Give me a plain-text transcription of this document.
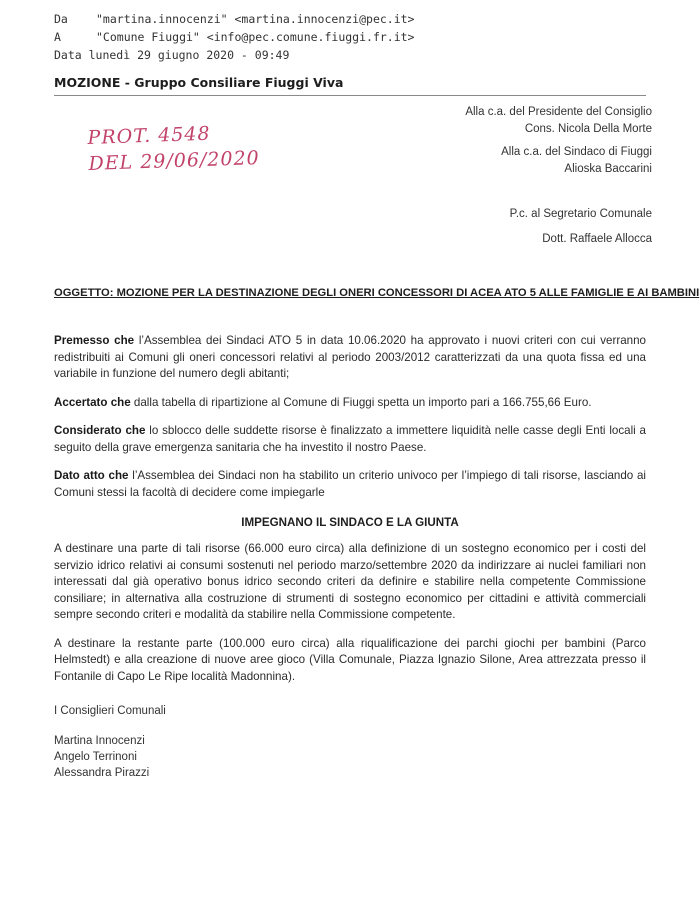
Da "martina.innocenzi" <martina.innocenzi@pec.it>
A	"Comune Fiuggi" <info@pec.comune.fiuggi.fr.it>
Data lunedì 29 giugno 2020 - 09:49
MOZIONE - Gruppo Consiliare Fiuggi Viva
Alla c.a. del Presidente del Consiglio
Cons. Nicola Della Morte
Alla c.a. del Sindaco di Fiuggi
Alioska Baccarini
P.c. al Segretario Comunale
Dott. Raffaele Allocca
PROT. 4548
DEL 29/06/2020
OGGETTO: MOZIONE PER LA DESTINAZIONE DEGLI ONERI CONCESSORI DI ACEA ATO 5 ALLE FAMIGLIE E AI BAMBINI
Premesso che l’Assemblea dei Sindaci ATO 5 in data 10.06.2020 ha approvato i nuovi criteri con cui verranno redistribuiti ai Comuni gli oneri concessori relativi al periodo 2003/2012 caratterizzati da una quota fissa ed una variabile in funzione del numero degli abitanti;
Accertato che dalla tabella di ripartizione al Comune di Fiuggi spetta un importo pari a 166.755,66 Euro.
Considerato che lo sblocco delle suddette risorse è finalizzato a immettere liquidità nelle casse degli Enti locali a seguito della grave emergenza sanitaria che ha investito il nostro Paese.
Dato atto che l’Assemblea dei Sindaci non ha stabilito un criterio univoco per l’impiego di tali risorse, lasciando ai Comuni stessi la facoltà di decidere come impiegarle
IMPEGNANO IL SINDACO E LA GIUNTA
A destinare una parte di tali risorse (66.000 euro circa) alla definizione di un sostegno economico per i costi del servizio idrico relativi ai consumi sostenuti nel periodo marzo/settembre 2020 da indirizzare ai nuclei familiari non interessati dal già operativo bonus idrico secondo criteri da definire e stabilire nella competente Commissione consiliare; in alternativa alla costruzione di strumenti di sostegno economico per cittadini e attività commerciali sempre secondo criteri e modalità da stabilire nella Commissione competente.
A destinare la restante parte (100.000 euro circa) alla riqualificazione dei parchi giochi per bambini (Parco Helmstedt) e alla creazione di nuove aree gioco (Villa Comunale, Piazza Ignazio Silone, Area attrezzata presso il Fontanile di Capo Le Ripe località Madonnina).
I Consiglieri Comunali
Martina Innocenzi
Angelo Terrinoni
Alessandra Pirazzi
